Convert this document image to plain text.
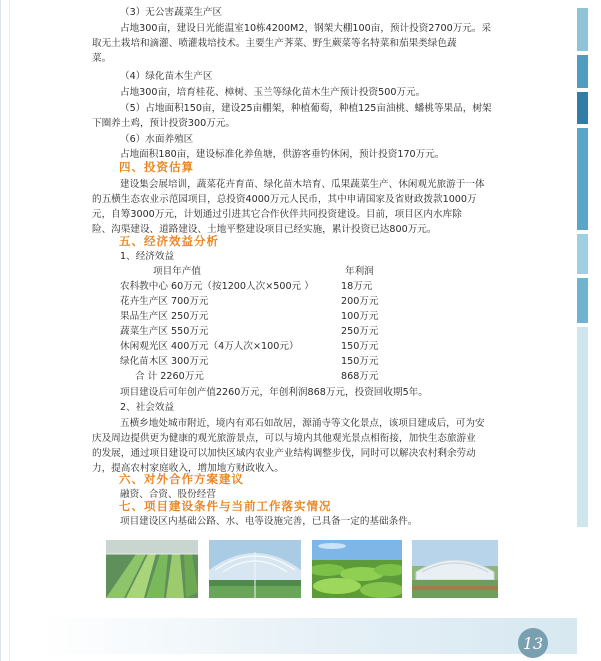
（3）无公害蔬菜生产区
占地300亩，建设日光能温室10栋4200M2，钢架大棚100亩，预计投资2700万元。采
取无土栽培和滴灌、喷灌栽培技术。主要生产荠菜、野生蕨菜等名特菜和茄果类绿色蔬
菜。
（4）绿化苗木生产区
占地300亩，培育桂花、樟树、玉兰等绿化苗木生产预计投资500万元。
（5）占地面积150亩，建设25亩棚架，种植葡萄，种植125亩油桃、蟠桃等果品，树架
下圈养土鸡，预计投资300万元。
（6）水面养殖区
占地面积180亩，建设标准化养鱼塘，供游客垂钓休闲，预计投资170万元。
四、投资估算
建设集会展培训，蔬菜花卉育苗、绿化苗木培育、瓜果蔬菜生产、休闲观光旅游于一体
的五横生态农业示范园项目，总投资4000万元人民币，其中申请国家及省财政拨款1000万
元，自筹3000万元，计划通过引进其它合作伙伴共同投资建设。目前，项目区内水库除
险、沟渠建设、道路建设、土地平整建设项目已经实施，累计投资已达800万元。
五、经济效益分析
1、经济效益
项目年产值	年利润
农科教中心 60万元（按1200人次×500元 ）	18万元
花卉生产区 700万元	200万元
果品生产区 250万元	100万元
蔬菜生产区 550万元	250万元
休闲观光区 400万元（4万人次×100元）	150万元
绿化苗木区 300万元	150万元
合 计 2260万元	868万元
项目建设后可年创产值2260万元，年创利润868万元，投资回收期5年。
2、社会效益
五横乡地处城市附近，境内有邓石如故居，源涌寺等文化景点，该项目建成后，可为安
庆及周边提供更为健康的观光旅游景点，可以与境内其他观光景点相衔接，加快生态旅游业
的发展，通过项目建设可以加快区域内农业产业结构调整步伐，同时可以解决农村剩余劳动
力，提高农村家庭收入，增加地方财政收入。
六、对外合作方案建议
融资、合资、股份经营
七、项目建设条件与当前工作落实情况
项目建设区内基础公路、水、电等设施完善，已具备一定的基础条件。
13
